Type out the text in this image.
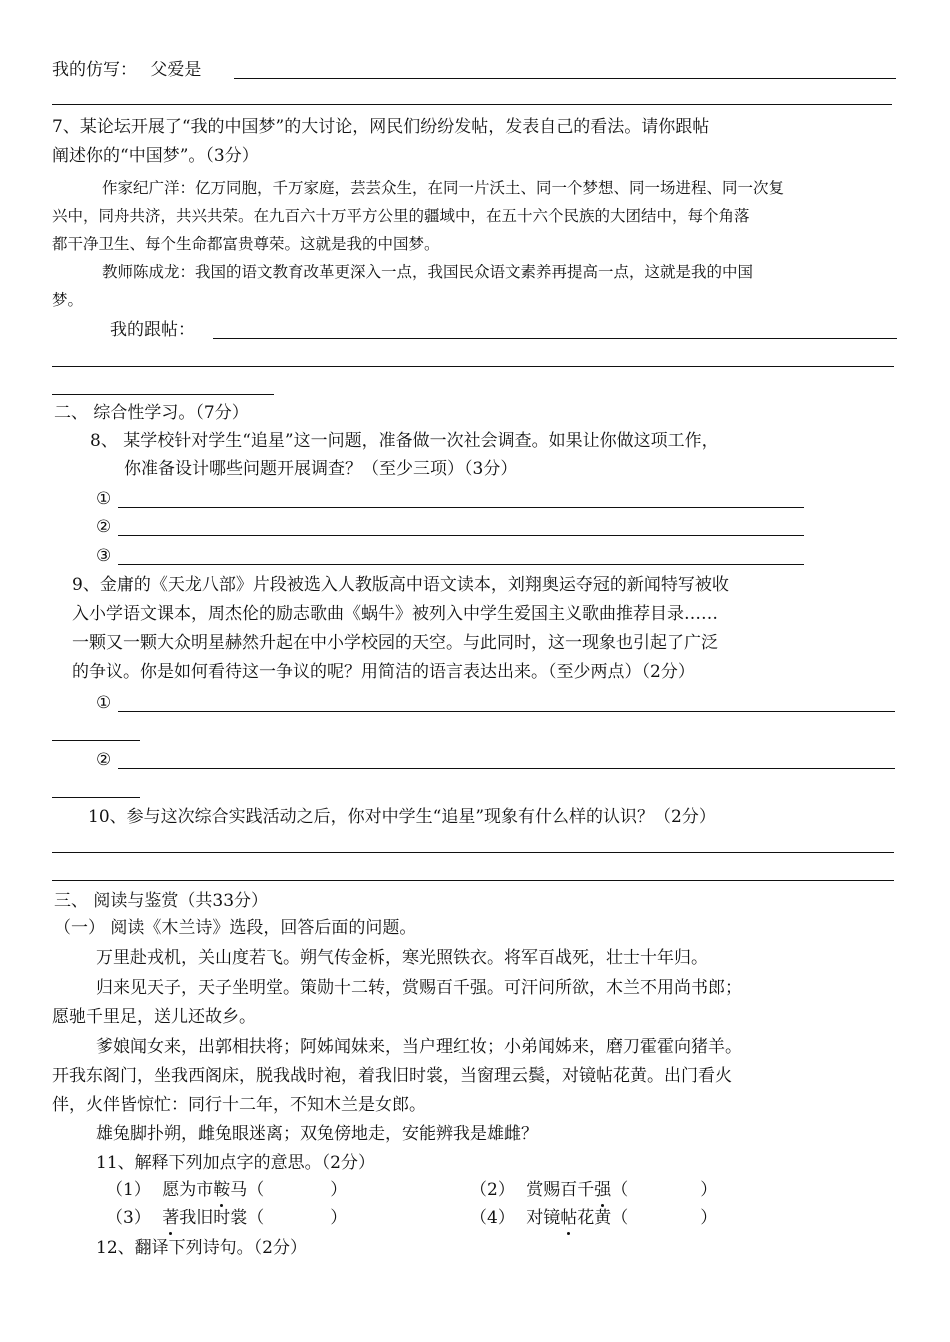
我的仿写： 父爱是
7、某论坛开展了“我的中国梦”的大讨论，网民们纷纷发帖，发表自己的看法。请你跟帖
阐述你的“中国梦”。（3分）
作家纪广洋：亿万同胞，千万家庭，芸芸众生，在同一片沃土、同一个梦想、同一场进程、同一次复
兴中，同舟共济，共兴共荣。在九百六十万平方公里的疆域中，在五十六个民族的大团结中，每个角落
都干净卫生、每个生命都富贵尊荣。这就是我的中国梦。
教师陈成龙：我国的语文教育改革更深入一点，我国民众语文素养再提高一点，这就是我的中国
梦。
我的跟帖：
二、 综合性学习。（7分）
8、 某学校针对学生“追星”这一问题，准备做一次社会调查。如果让你做这项工作，
你准备设计哪些问题开展调查？（至少三项）（3分）
①
②
③
9、金庸的《天龙八部》片段被选入人教版高中语文读本，刘翔奥运夺冠的新闻特写被收
入小学语文课本，周杰伦的励志歌曲《蜗牛》被列入中学生爱国主义歌曲推荐目录……
一颗又一颗大众明星赫然升起在中小学校园的天空。与此同时，这一现象也引起了广泛
的争议。你是如何看待这一争议的呢？用简洁的语言表达出来。（至少两点）（2分）
①
②
10、参与这次综合实践活动之后，你对中学生“追星”现象有什么样的认识？（2分）
三、 阅读与鉴赏（共33分）
（一） 阅读《木兰诗》选段，回答后面的问题。
万里赴戎机，关山度若飞。朔气传金柝，寒光照铁衣。将军百战死，壮士十年归。
归来见天子，天子坐明堂。策勋十二转，赏赐百千强。可汗问所欲，木兰不用尚书郎；
愿驰千里足，送儿还故乡。
爹娘闻女来，出郭相扶将；阿姊闻妹来，当户理红妆；小弟闻姊来，磨刀霍霍向猪羊。
开我东阁门，坐我西阁床，脱我战时袍，着我旧时裳，当窗理云鬓，对镜帖花黄。出门看火
伴，火伴皆惊忙：同行十二年，不知木兰是女郎。
雄兔脚扑朔，雌兔眼迷离；双兔傍地走，安能辨我是雄雌？
11、解释下列加点字的意思。（2分）
（1） 愿为市鞍马（	）	（2） 赏赐百千强（	）
（3） 著我旧时裳（	）	（4） 对镜帖花黄（	）
12、翻译下列诗句。（2分）
